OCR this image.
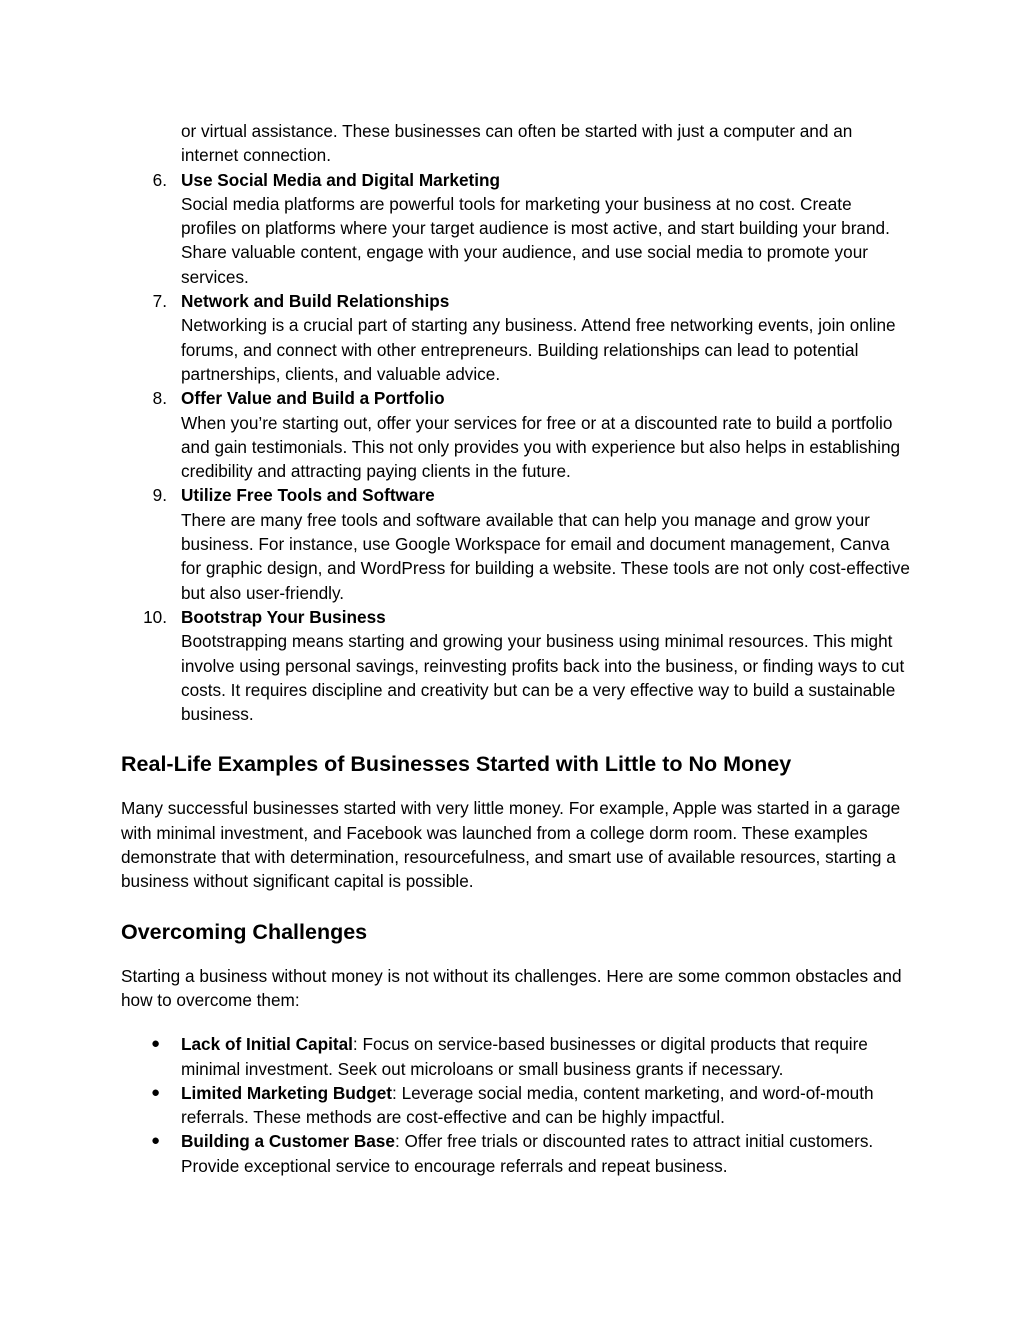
or virtual assistance. These businesses can often be started with just a computer and an internet connection.

6. Use Social Media and Digital Marketing
Social media platforms are powerful tools for marketing your business at no cost. Create profiles on platforms where your target audience is most active, and start building your brand. Share valuable content, engage with your audience, and use social media to promote your services.
7. Network and Build Relationships
Networking is a crucial part of starting any business. Attend free networking events, join online forums, and connect with other entrepreneurs. Building relationships can lead to potential partnerships, clients, and valuable advice.
8. Offer Value and Build a Portfolio
When you’re starting out, offer your services for free or at a discounted rate to build a portfolio and gain testimonials. This not only provides you with experience but also helps in establishing credibility and attracting paying clients in the future.
9. Utilize Free Tools and Software
There are many free tools and software available that can help you manage and grow your business. For instance, use Google Workspace for email and document management, Canva for graphic design, and WordPress for building a website. These tools are not only cost-effective but also user-friendly.
10. Bootstrap Your Business
Bootstrapping means starting and growing your business using minimal resources. This might involve using personal savings, reinvesting profits back into the business, or finding ways to cut costs. It requires discipline and creativity but can be a very effective way to build a sustainable business.
Real-Life Examples of Businesses Started with Little to No Money

Many successful businesses started with very little money. For example, Apple was started in a garage with minimal investment, and Facebook was launched from a college dorm room. These examples demonstrate that with determination, resourcefulness, and smart use of available resources, starting a business without significant capital is possible.

Overcoming Challenges

Starting a business without money is not without its challenges. Here are some common obstacles and how to overcome them:

● Lack of Initial Capital: Focus on service-based businesses or digital products that require minimal investment. Seek out microloans or small business grants if necessary.
● Limited Marketing Budget: Leverage social media, content marketing, and word-of-mouth referrals. These methods are cost-effective and can be highly impactful.
● Building a Customer Base: Offer free trials or discounted rates to attract initial customers. Provide exceptional service to encourage referrals and repeat business.
